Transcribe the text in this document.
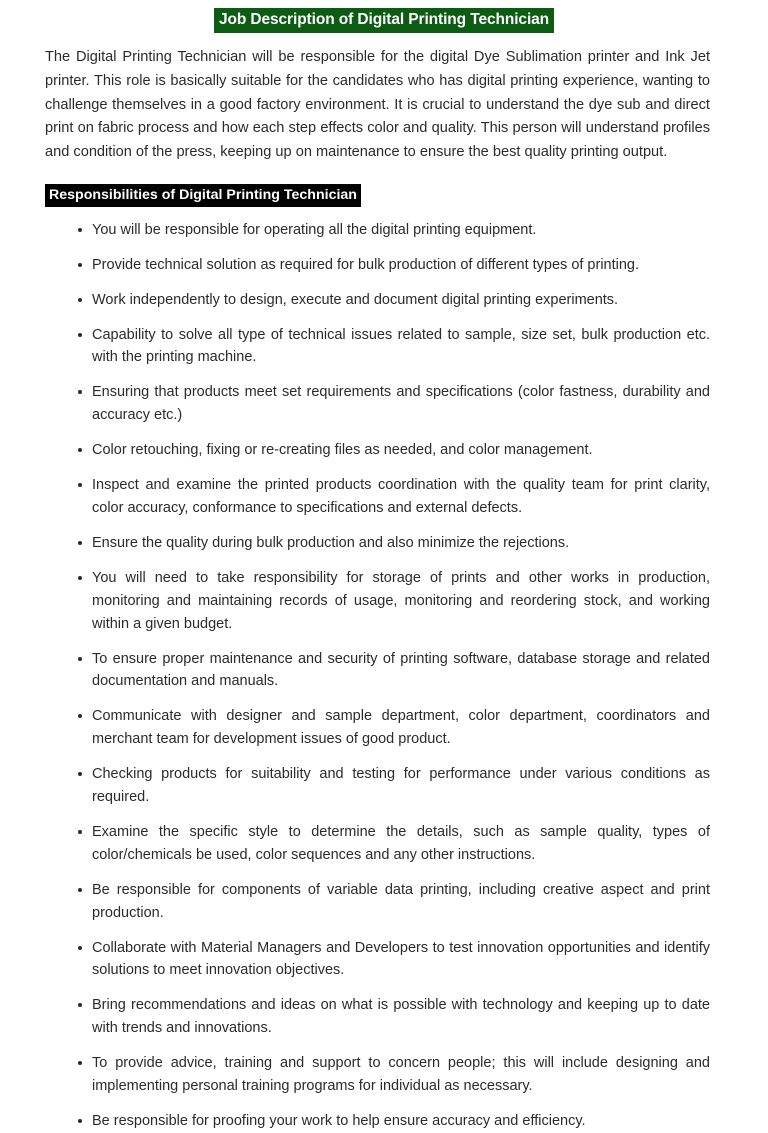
Job Description of Digital Printing Technician

The Digital Printing Technician will be responsible for the digital Dye Sublimation printer and Ink Jet printer. This role is basically suitable for the candidates who has digital printing experience, wanting to challenge themselves in a good factory environment. It is crucial to understand the dye sub and direct print on fabric process and how each step effects color and quality. This person will understand profiles and condition of the press, keeping up on maintenance to ensure the best quality printing output.

Responsibilities of Digital Printing Technician
You will be responsible for operating all the digital printing equipment.
Provide technical solution as required for bulk production of different types of printing.
Work independently to design, execute and document digital printing experiments.
Capability to solve all type of technical issues related to sample, size set, bulk production etc. with the printing machine.
Ensuring that products meet set requirements and specifications (color fastness, durability and accuracy etc.)
Color retouching, fixing or re-creating files as needed, and color management.
Inspect and examine the printed products coordination with the quality team for print clarity, color accuracy, conformance to specifications and external defects.
Ensure the quality during bulk production and also minimize the rejections.
You will need to take responsibility for storage of prints and other works in production, monitoring and maintaining records of usage, monitoring and reordering stock, and working within a given budget.
To ensure proper maintenance and security of printing software, database storage and related documentation and manuals.
Communicate with designer and sample department, color department, coordinators and merchant team for development issues of good product.
Checking products for suitability and testing for performance under various conditions as required.
Examine the specific style to determine the details, such as sample quality, types of color/chemicals be used, color sequences and any other instructions.
Be responsible for components of variable data printing, including creative aspect and print production.
Collaborate with Material Managers and Developers to test innovation opportunities and identify solutions to meet innovation objectives.
Bring recommendations and ideas on what is possible with technology and keeping up to date with trends and innovations.
To provide advice, training and support to concern people; this will include designing and implementing personal training programs for individual as necessary.
Be responsible for proofing your work to help ensure accuracy and efficiency.
